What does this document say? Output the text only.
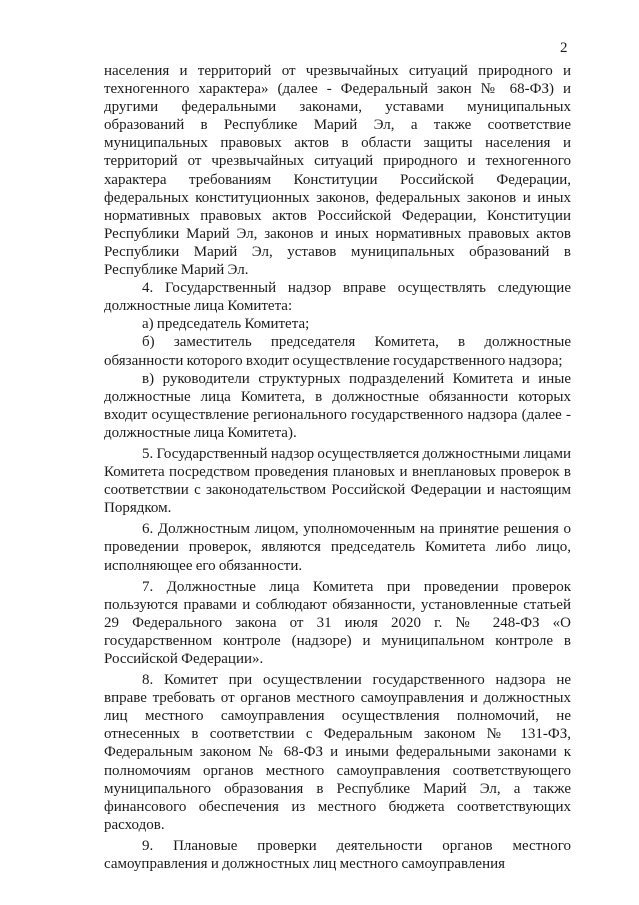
2

населения и территорий от чрезвычайных ситуаций природного и техногенного характера» (далее - Федеральный закон № 68-ФЗ) и другими федеральными законами, уставами муниципальных образований в Республике Марий Эл, а также соответствие муниципальных правовых актов в области защиты населения и территорий от чрезвычайных ситуаций природного и техногенного характера требованиям Конституции Российской Федерации, федеральных конституционных законов, федеральных законов и иных нормативных правовых актов Российской Федерации, Конституции Республики Марий Эл, законов и иных нормативных правовых актов Республики Марий Эл, уставов муниципальных образований в Республике Марий Эл.

4. Государственный надзор вправе осуществлять следующие должностные лица Комитета:

а) председатель Комитета;

б) заместитель председателя Комитета, в должностные обязанности которого входит осуществление государственного надзора;

в) руководители структурных подразделений Комитета и иные должностные лица Комитета, в должностные обязанности которых входит осуществление регионального государственного надзора (далее - должностные лица Комитета).

5. Государственный надзор осуществляется должностными лицами Комитета посредством проведения плановых и внеплановых проверок в соответствии с законодательством Российской Федерации и настоящим Порядком.

6. Должностным лицом, уполномоченным на принятие решения о проведении проверок, являются председатель Комитета либо лицо, исполняющее его обязанности.

7. Должностные лица Комитета при проведении проверок пользуются правами и соблюдают обязанности, установленные статьей 29 Федерального закона от 31 июля 2020 г. № 248-ФЗ «О государственном контроле (надзоре) и муниципальном контроле в Российской Федерации».

8. Комитет при осуществлении государственного надзора не вправе требовать от органов местного самоуправления и должностных лиц местного самоуправления осуществления полномочий, не отнесенных в соответствии с Федеральным законом № 131-ФЗ, Федеральным законом № 68-ФЗ и иными федеральными законами к полномочиям органов местного самоуправления соответствующего муниципального образования в Республике Марий Эл, а также финансового обеспечения из местного бюджета соответствующих расходов.

9. Плановые проверки деятельности органов местного самоуправления и должностных лиц местного самоуправления
